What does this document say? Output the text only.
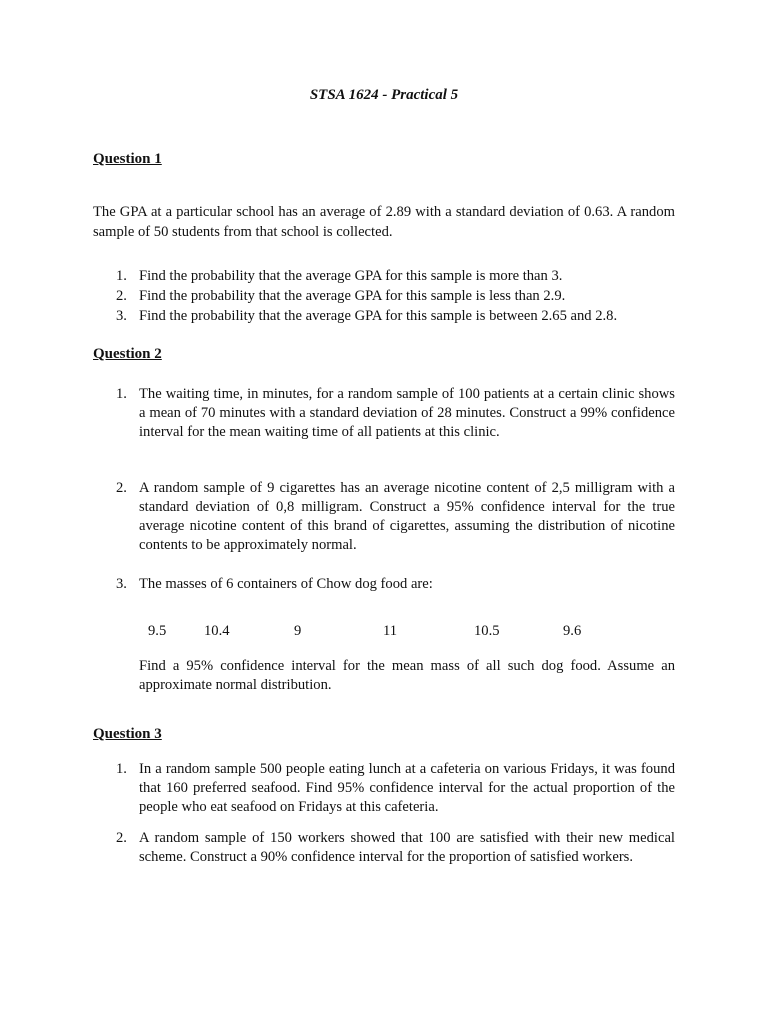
STSA 1624 - Practical 5
Question 1
The GPA at a particular school has an average of 2.89 with a standard deviation of 0.63. A random sample of 50 students from that school is collected.
1. Find the probability that the average GPA for this sample is more than 3.
2. Find the probability that the average GPA for this sample is less than 2.9.
3. Find the probability that the average GPA for this sample is between 2.65 and 2.8.
Question 2
1. The waiting time, in minutes, for a random sample of 100 patients at a certain clinic shows a mean of 70 minutes with a standard deviation of 28 minutes. Construct a 99% confidence interval for the mean waiting time of all patients at this clinic.
2. A random sample of 9 cigarettes has an average nicotine content of 2,5 milligram with a standard deviation of 0,8 milligram. Construct a 95% confidence interval for the true average nicotine content of this brand of cigarettes, assuming the distribution of nicotine contents to be approximately normal.
3. The masses of 6 containers of Chow dog food are:
9.5	10.4	9	11	10.5	9.6
Find a 95% confidence interval for the mean mass of all such dog food. Assume an approximate normal distribution.
Question 3
1. In a random sample 500 people eating lunch at a cafeteria on various Fridays, it was found that 160 preferred seafood. Find 95% confidence interval for the actual proportion of the people who eat seafood on Fridays at this cafeteria.
2. A random sample of 150 workers showed that 100 are satisfied with their new medical scheme. Construct a 90% confidence interval for the proportion of satisfied workers.
